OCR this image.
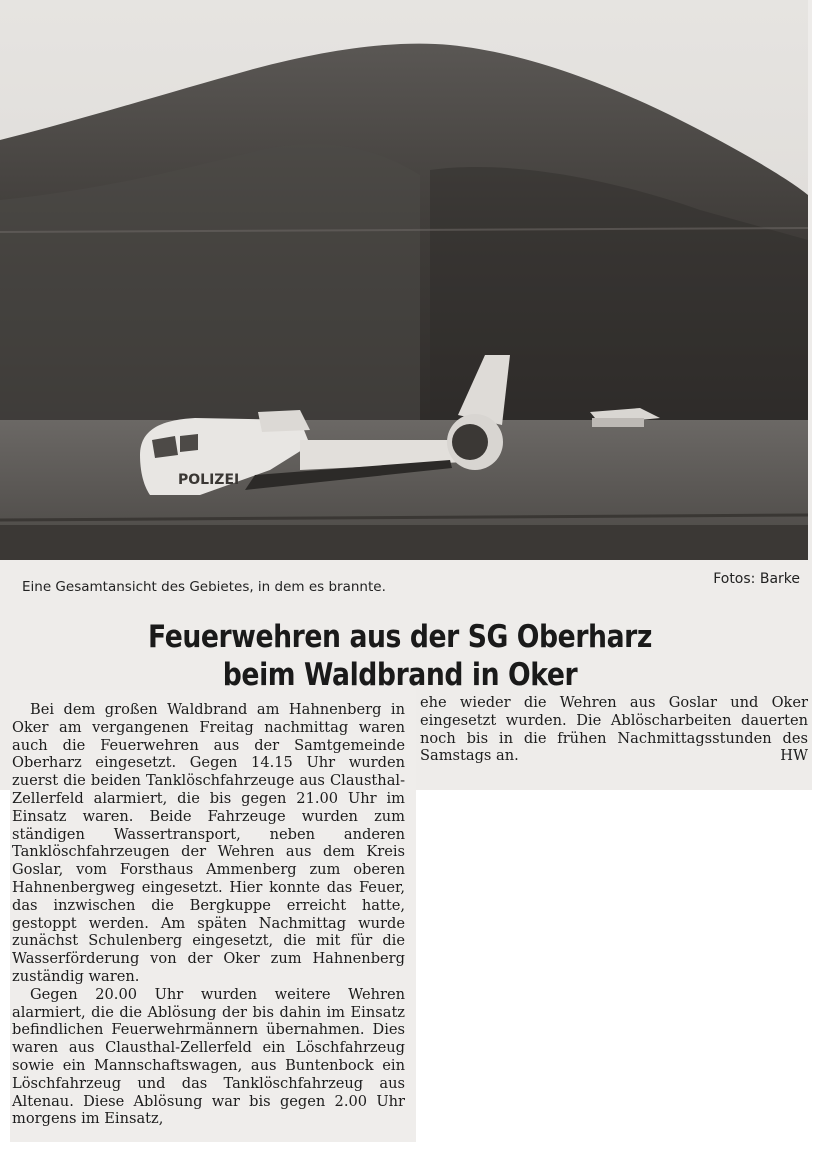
POLIZEI
Eine Gesamtansicht des Gebietes, in dem es brannte.	Fotos: Barke
Feuerwehren aus der SG Oberharz
beim Waldbrand in Oker

Bei dem großen Waldbrand am Hahnenberg in Oker am vergangenen Freitag nachmittag waren auch die Feuerwehren aus der Samtgemeinde Oberharz eingesetzt. Gegen 14.15 Uhr wurden zuerst die beiden Tanklöschfahrzeuge aus Clausthal-Zellerfeld alarmiert, die bis gegen 21.00 Uhr im Einsatz waren. Beide Fahrzeuge wurden zum ständigen Wassertransport, neben anderen Tanklöschfahrzeugen der Wehren aus dem Kreis Goslar, vom Forsthaus Ammenberg zum oberen Hahnenbergweg eingesetzt. Hier konnte das Feuer, das inzwischen die Bergkuppe erreicht hatte, gestoppt werden. Am späten Nachmittag wurde zunächst Schulenberg eingesetzt, die mit für die Wasserförderung von der Oker zum Hahnenberg zuständig waren.

Gegen 20.00 Uhr wurden weitere Wehren alarmiert, die die Ablösung der bis dahin im Einsatz befindlichen Feuerwehrmännern übernahmen. Dies waren aus Clausthal-Zellerfeld ein Löschfahrzeug sowie ein Mannschaftswagen, aus Buntenbock ein Löschfahrzeug und das Tanklöschfahrzeug aus Altenau. Diese Ablösung war bis gegen 2.00 Uhr morgens im Einsatz,

ehe wieder die Wehren aus Goslar und Oker eingesetzt wurden. Die Ablöscharbeiten dauerten noch bis in die frühen Nachmittagsstunden des Samstags an.	HW
